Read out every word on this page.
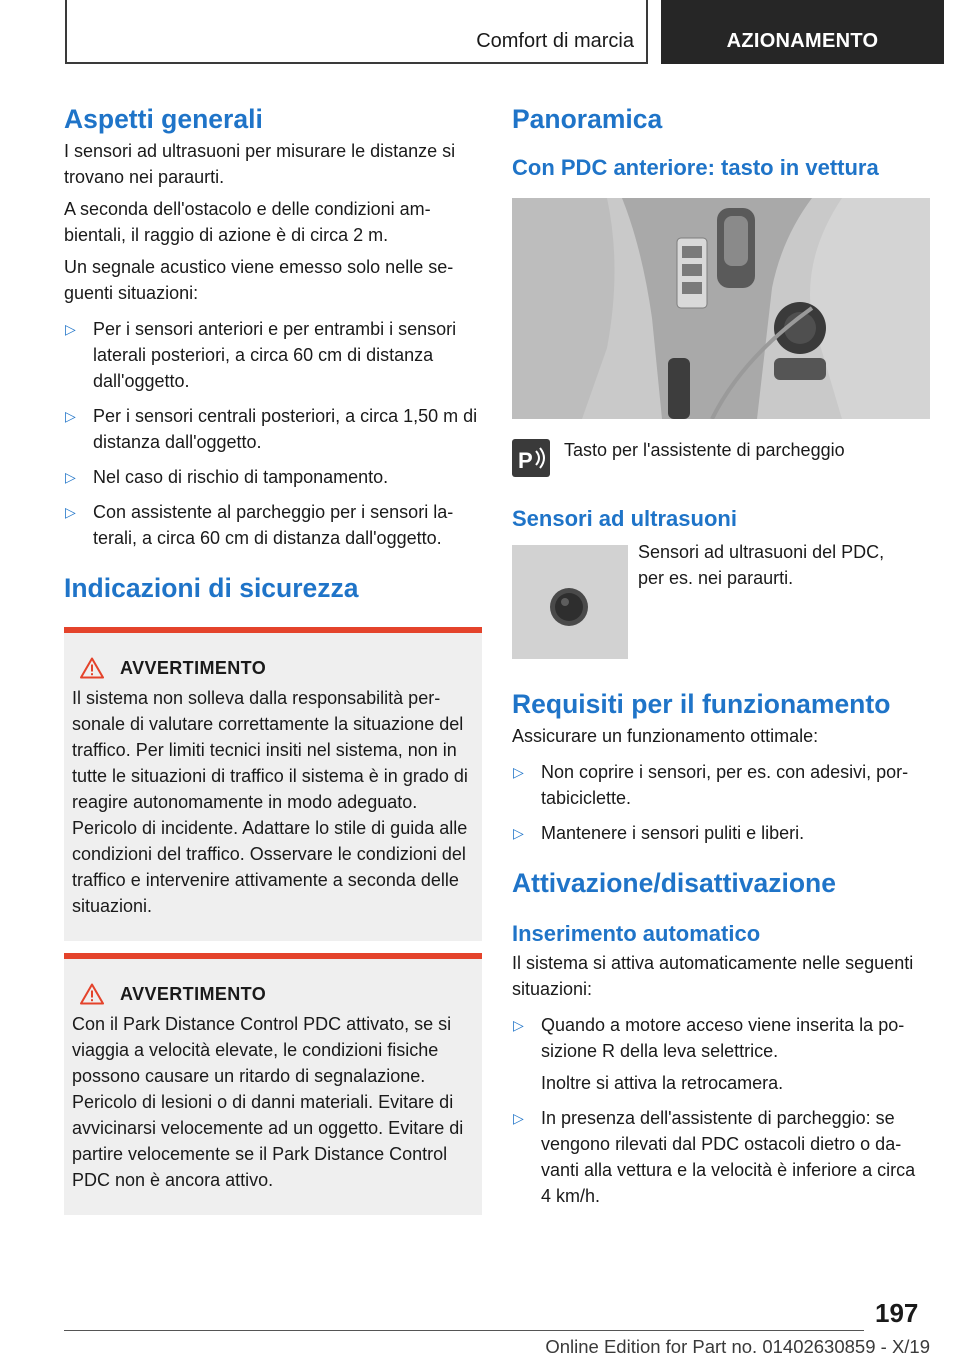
Comfort di marcia	AZIONAMENTO
Aspetti generali

I sensori ad ultrasuoni per misurare le distanze si trovano nei paraurti.

A seconda dell'ostacolo e delle condizioni ambientali, il raggio di azione è di circa 2 m.

Un segnale acustico viene emesso solo nelle seguenti situazioni:

▷ Per i sensori anteriori e per entrambi i sensori laterali posteriori, a circa 60 cm di distanza dall'oggetto.
▷ Per i sensori centrali posteriori, a circa 1,50 m di distanza dall'oggetto.
▷ Nel caso di rischio di tamponamento.
▷ Con assistente al parcheggio per i sensori laterali, a circa 60 cm di distanza dall'oggetto.
Indicazioni di sicurezza
AVVERTIMENTO

Il sistema non solleva dalla responsabilità personale di valutare correttamente la situazione del traffico. Per limiti tecnici insiti nel sistema, non in tutte le situazioni di traffico il sistema è in grado di reagire autonomamente in modo adeguato. Pericolo di incidente. Adattare lo stile di guida alle condizioni del traffico. Osservare le condizioni del traffico e intervenire attivamente a seconda delle situazioni.

AVVERTIMENTO

Con il Park Distance Control PDC attivato, se si viaggia a velocità elevate, le condizioni fisiche possono causare un ritardo di segnalazione. Pericolo di lesioni o di danni materiali. Evitare di avvicinarsi velocemente ad un oggetto. Evitare di partire velocemente se il Park Distance Control PDC non è ancora attivo.

Panoramica
Con PDC anteriore: tasto in vettura
P Tasto per l'assistente di parcheggio

Sensori ad ultrasuoni

Sensori ad ultrasuoni del PDC, per es. nei paraurti.

Requisiti per il funzionamento

Assicurare un funzionamento ottimale:

▷ Non coprire i sensori, per es. con adesivi, portabiciclette.
▷ Mantenere i sensori puliti e liberi.
Attivazione/disattivazione
Inserimento automatico

Il sistema si attiva automaticamente nelle seguenti situazioni:

▷ Quando a motore acceso viene inserita la posizione R della leva selettrice.
Inoltre si attiva la retrocamera.
▷ In presenza dell'assistente di parcheggio: se vengono rilevati dal PDC ostacoli dietro o davanti alla vettura e la velocità è inferiore a circa 4 km/h.
197
Online Edition for Part no. 01402630859 - X/19
